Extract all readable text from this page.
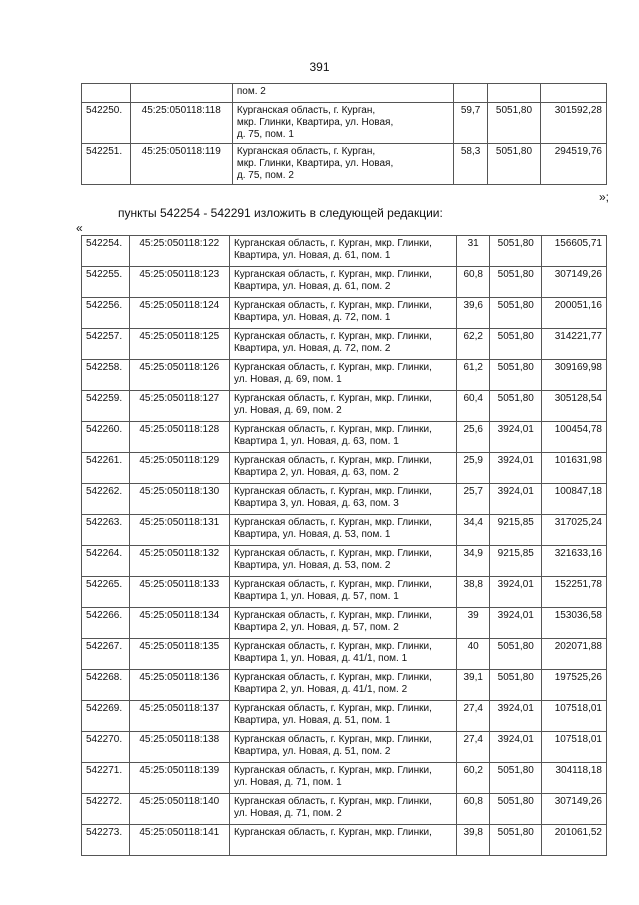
391
		пом. 2			
542250.	45:25:050118:118	Курганская область, г. Курган,
мкр. Глинки, Квартира, ул. Новая,
д. 75, пом. 1	59,7	5051,80	301592,28
542251.	45:25:050118:119	Курганская область, г. Курган,
мкр. Глинки, Квартира, ул. Новая,
д. 75, пом. 2	58,3	5051,80	294519,76
»;
пункты 542254 - 542291 изложить в следующей редакции:
«
542254.	45:25:050118:122	Курганская область, г. Курган, мкр. Глинки,
Квартира, ул. Новая, д. 61, пом. 1	31	5051,80	156605,71
542255.	45:25:050118:123	Курганская область, г. Курган, мкр. Глинки,
Квартира, ул. Новая, д. 61, пом. 2	60,8	5051,80	307149,26
542256.	45:25:050118:124	Курганская область, г. Курган, мкр. Глинки,
Квартира, ул. Новая, д. 72, пом. 1	39,6	5051,80	200051,16
542257.	45:25:050118:125	Курганская область, г. Курган, мкр. Глинки,
Квартира, ул. Новая, д. 72, пом. 2	62,2	5051,80	314221,77
542258.	45:25:050118:126	Курганская область, г. Курган, мкр. Глинки,
ул. Новая, д. 69, пом. 1	61,2	5051,80	309169,98
542259.	45:25:050118:127	Курганская область, г. Курган, мкр. Глинки,
ул. Новая, д. 69, пом. 2	60,4	5051,80	305128,54
542260.	45:25:050118:128	Курганская область, г. Курган, мкр. Глинки,
Квартира 1, ул. Новая, д. 63, пом. 1	25,6	3924,01	100454,78
542261.	45:25:050118:129	Курганская область, г. Курган, мкр. Глинки,
Квартира 2, ул. Новая, д. 63, пом. 2	25,9	3924,01	101631,98
542262.	45:25:050118:130	Курганская область, г. Курган, мкр. Глинки,
Квартира 3, ул. Новая, д. 63, пом. 3	25,7	3924,01	100847,18
542263.	45:25:050118:131	Курганская область, г. Курган, мкр. Глинки,
Квартира, ул. Новая, д. 53, пом. 1	34,4	9215,85	317025,24
542264.	45:25:050118:132	Курганская область, г. Курган, мкр. Глинки,
Квартира, ул. Новая, д. 53, пом. 2	34,9	9215,85	321633,16
542265.	45:25:050118:133	Курганская область, г. Курган, мкр. Глинки,
Квартира 1, ул. Новая, д. 57, пом. 1	38,8	3924,01	152251,78
542266.	45:25:050118:134	Курганская область, г. Курган, мкр. Глинки,
Квартира 2, ул. Новая, д. 57, пом. 2	39	3924,01	153036,58
542267.	45:25:050118:135	Курганская область, г. Курган, мкр. Глинки,
Квартира 1, ул. Новая, д. 41/1, пом. 1	40	5051,80	202071,88
542268.	45:25:050118:136	Курганская область, г. Курган, мкр. Глинки,
Квартира 2, ул. Новая, д. 41/1, пом. 2	39,1	5051,80	197525,26
542269.	45:25:050118:137	Курганская область, г. Курган, мкр. Глинки,
Квартира, ул. Новая, д. 51, пом. 1	27,4	3924,01	107518,01
542270.	45:25:050118:138	Курганская область, г. Курган, мкр. Глинки,
Квартира, ул. Новая, д. 51, пом. 2	27,4	3924,01	107518,01
542271.	45:25:050118:139	Курганская область, г. Курган, мкр. Глинки,
ул. Новая, д. 71, пом. 1	60,2	5051,80	304118,18
542272.	45:25:050118:140	Курганская область, г. Курган, мкр. Глинки,
ул. Новая, д. 71, пом. 2	60,8	5051,80	307149,26
542273.	45:25:050118:141	Курганская область, г. Курган, мкр. Глинки,	39,8	5051,80	201061,52
